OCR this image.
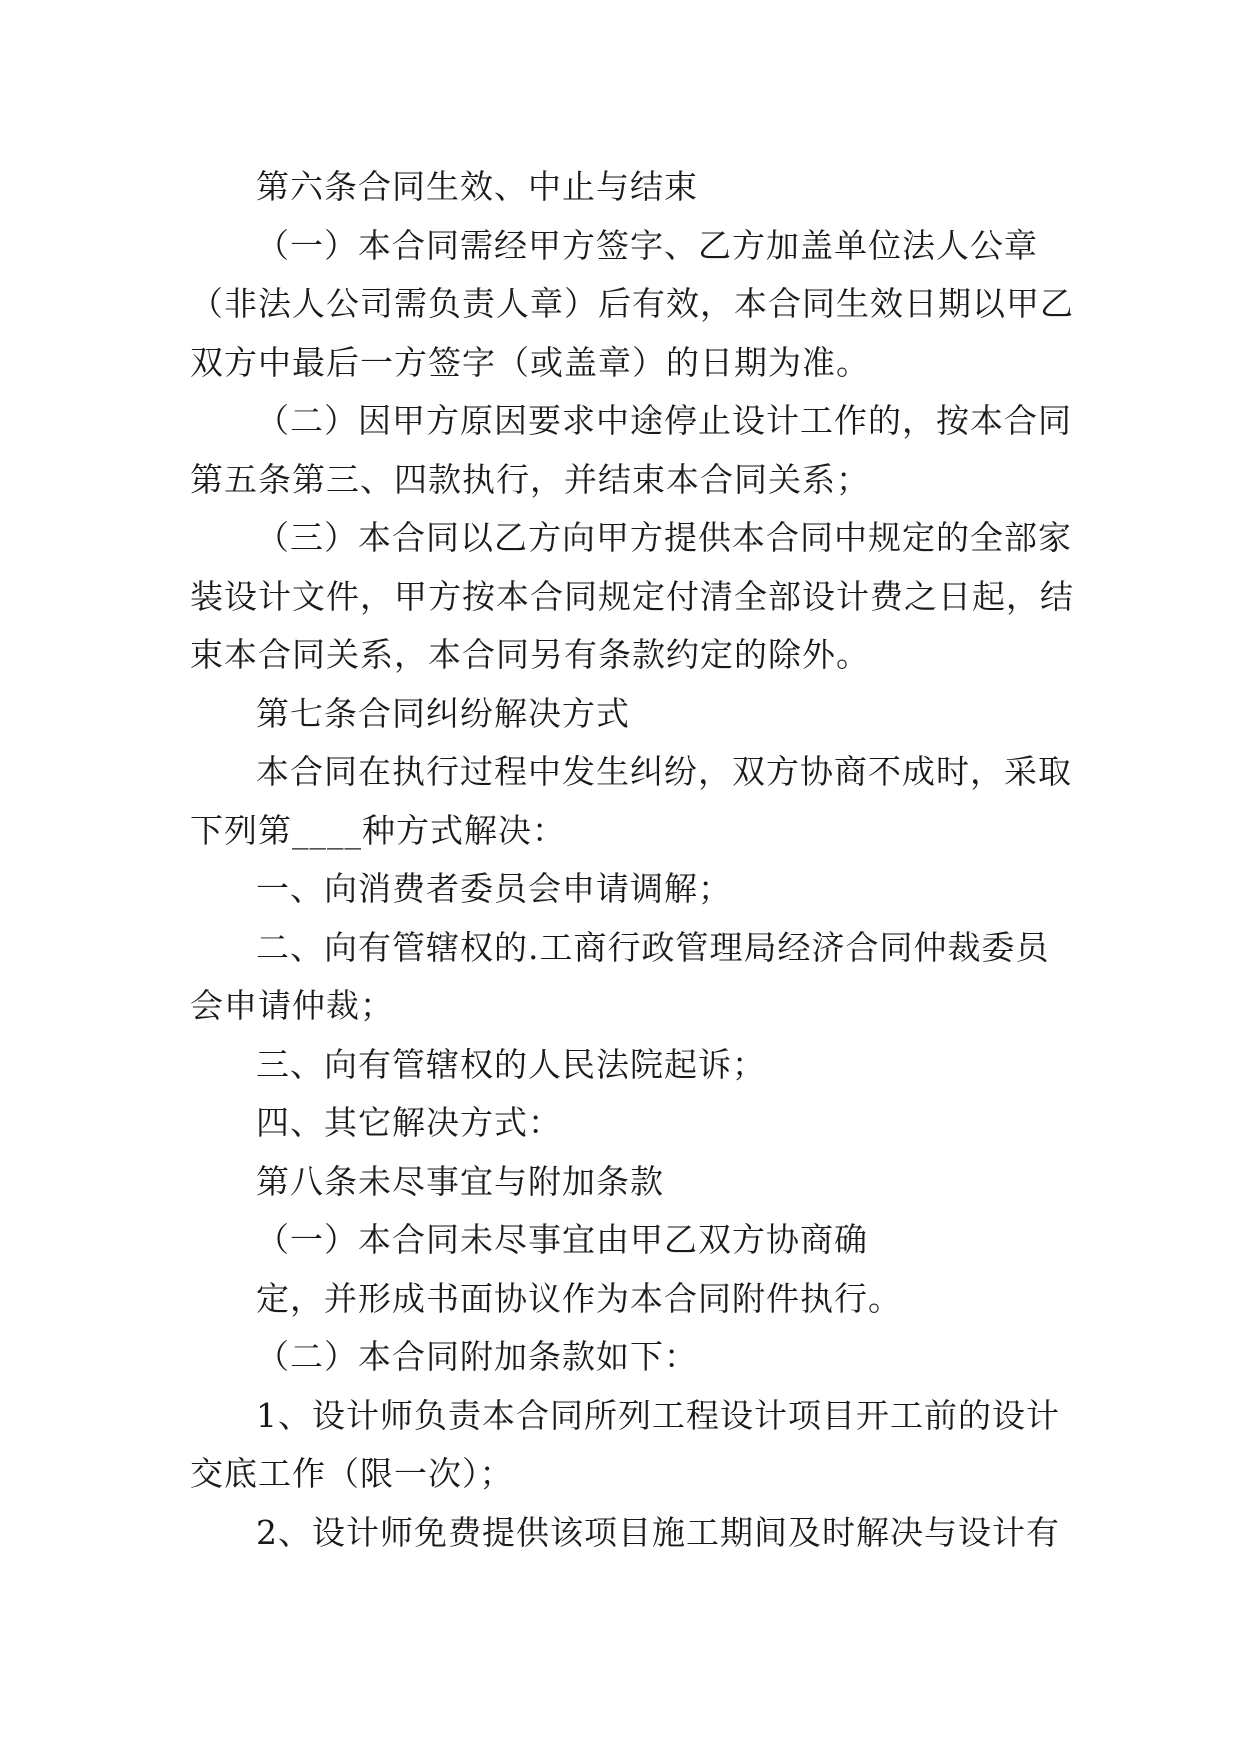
第六条合同生效、中止与结束
（一）本合同需经甲方签字、乙方加盖单位法人公章
（非法人公司需负责人章）后有效，本合同生效日期以甲乙
双方中最后一方签字（或盖章）的日期为准。
（二）因甲方原因要求中途停止设计工作的，按本合同
第五条第三、四款执行，并结束本合同关系；
（三）本合同以乙方向甲方提供本合同中规定的全部家
装设计文件，甲方按本合同规定付清全部设计费之日起，结
束本合同关系，本合同另有条款约定的除外。
第七条合同纠纷解决方式
本合同在执行过程中发生纠纷，双方协商不成时，采取
下列第____种方式解决：
一、向消费者委员会申请调解；
二、向有管辖权的.工商行政管理局经济合同仲裁委员
会申请仲裁；
三、向有管辖权的人民法院起诉；
四、其它解决方式：
第八条未尽事宜与附加条款
（一）本合同未尽事宜由甲乙双方协商确
定，并形成书面协议作为本合同附件执行。
（二）本合同附加条款如下：
1、设计师负责本合同所列工程设计项目开工前的设计
交底工作（限一次）；
2、设计师免费提供该项目施工期间及时解决与设计有
